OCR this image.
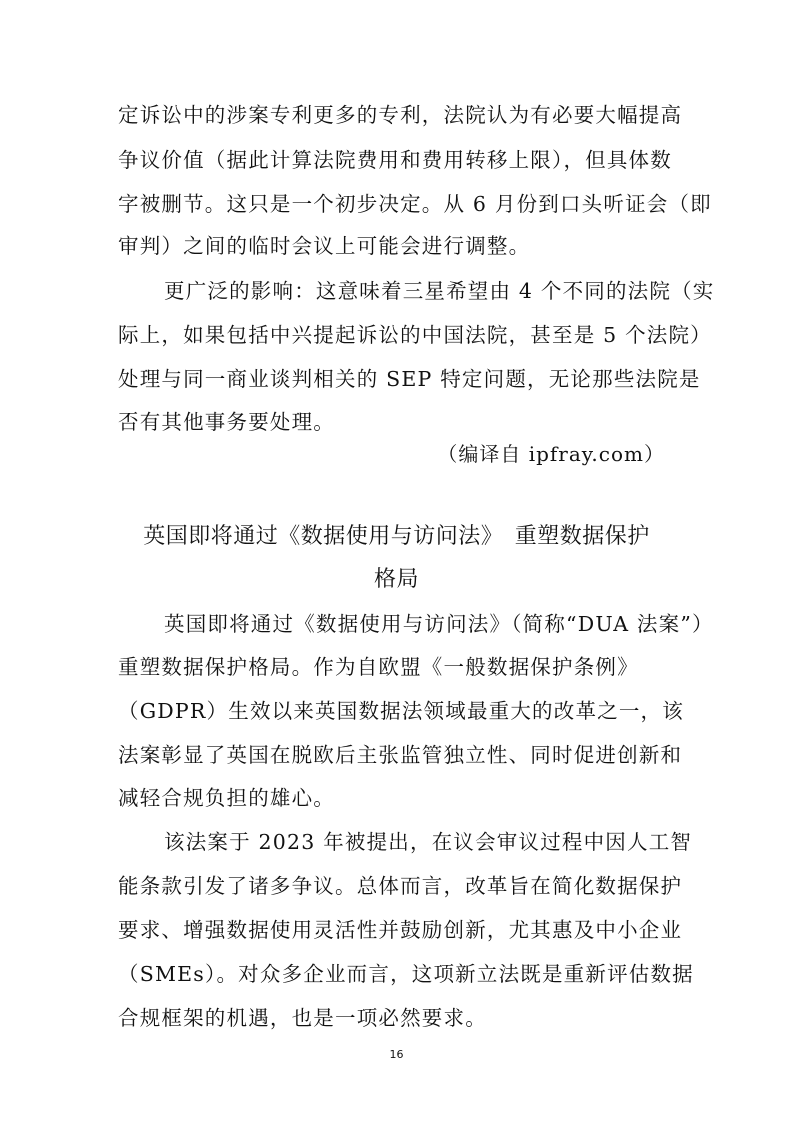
定诉讼中的涉案专利更多的专利，法院认为有必要大幅提高
争议价值（据此计算法院费用和费用转移上限），但具体数
字被删节。这只是一个初步决定。从 6 月份到口头听证会（即
审判）之间的临时会议上可能会进行调整。
更广泛的影响：这意味着三星希望由 4 个不同的法院（实
际上，如果包括中兴提起诉讼的中国法院，甚至是 5 个法院）
处理与同一商业谈判相关的 SEP 特定问题，无论那些法院是
否有其他事务要处理。
（编译自 ipfray.com）
英国即将通过《数据使用与访问法》　重塑数据保护
格局
英国即将通过《数据使用与访问法》（简称“DUA 法案”）
重塑数据保护格局。作为自欧盟《一般数据保护条例》
（GDPR）生效以来英国数据法领域最重大的改革之一，该
法案彰显了英国在脱欧后主张监管独立性、同时促进创新和
减轻合规负担的雄心。
该法案于 2023 年被提出，在议会审议过程中因人工智
能条款引发了诸多争议。总体而言，改革旨在简化数据保护
要求、增强数据使用灵活性并鼓励创新，尤其惠及中小企业
（SMEs）。对众多企业而言，这项新立法既是重新评估数据
合规框架的机遇，也是一项必然要求。
16
